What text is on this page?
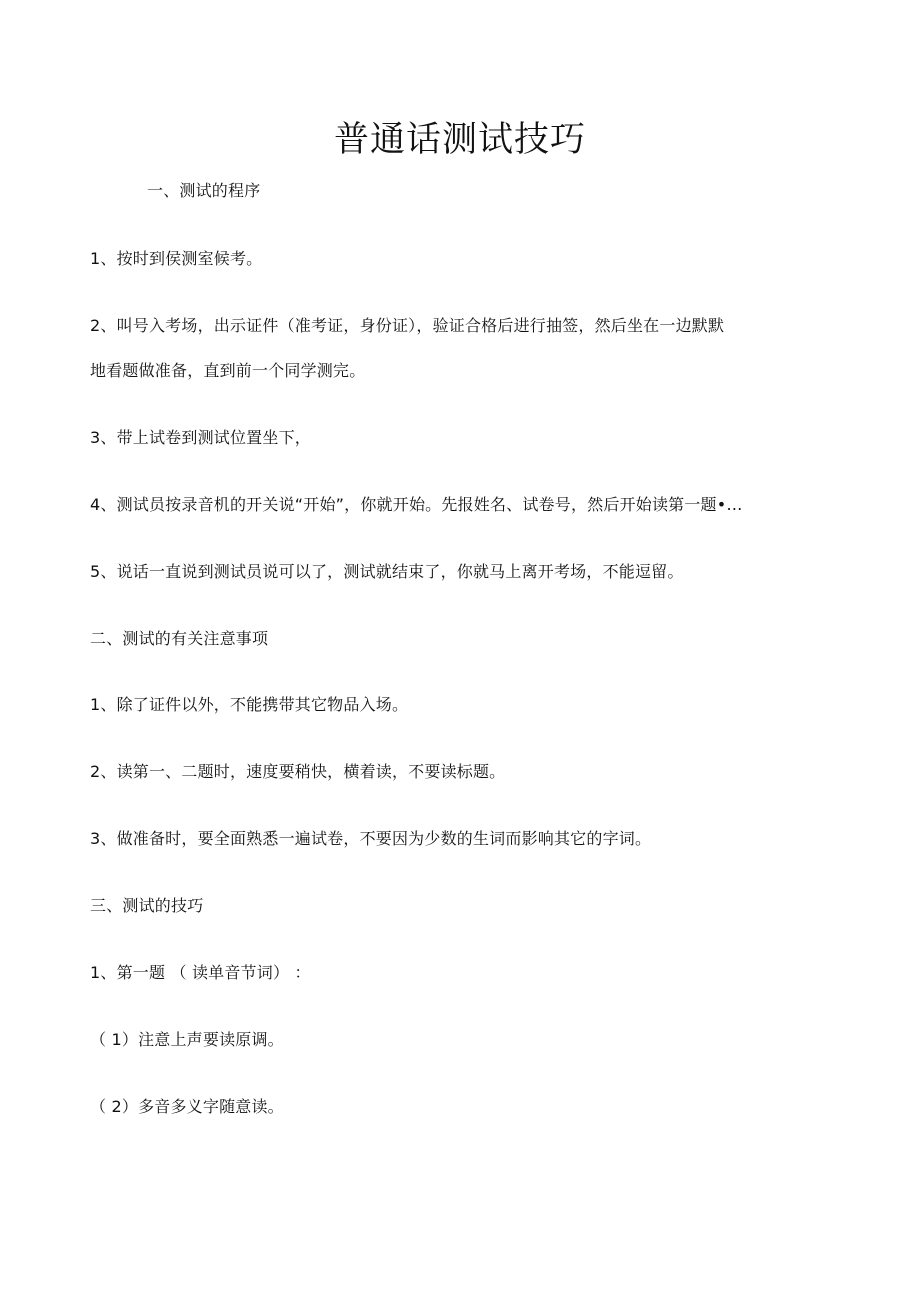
普通话测试技巧
一、测试的程序
1、按时到侯测室候考。
2、叫号入考场，出示证件（准考证，身份证），验证合格后进行抽签，然后坐在一边默默
地看题做准备，直到前一个同学测完。
3、带上试卷到测试位置坐下，
4、测试员按录音机的开关说“开始”，你就开始。先报姓名、试卷号，然后开始读第一题•…
5、说话一直说到测试员说可以了，测试就结束了，你就马上离开考场，不能逗留。
二、测试的有关注意事项
1、除了证件以外，不能携带其它物品入场。
2、读第一、二题时，速度要稍快，横着读，不要读标题。
3、做准备时，要全面熟悉一遍试卷，不要因为少数的生词而影响其它的字词。
三、测试的技巧
1、第一题 （ 读单音节词） ：
（ 1）注意上声要读原调。
（ 2）多音多义字随意读。
